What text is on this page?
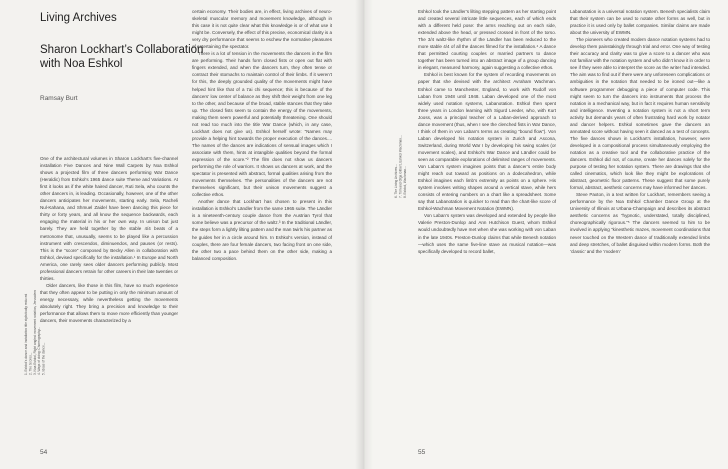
Living Archives
Sharon Lockhart’s Collaboration with Noa Eshkol
Ramsay Burt
1. Eshkol’s dance and installation title stylistically reduced
2. The Scores...
3. Noa Eshkol, Right angled: movement notation, Jerusalem
4. Ways of doing: Choreography...
5. Ideas of the dance...

One of the architectural volumes in Sharon Lockhart’s five-channel installation Five Dances and Nine Wall Carpets by Noa Eshkol shows a projected film of three dancers performing War Dance (Heraldic) from Eshkol’s 1965 dance suite Theme and Variations. At first it looks as if the white haired dancer, Ruti Sela, who counts the other dancers in, is leading. Occasionally, however, one of the other dancers anticipates her movements, starting early. Sela, Racheli Nul-Kahana, and Shmuel Zaidel have been dancing this piece for thirty or forty years, and all know the sequence backwards, each engaging the material in his or her own way. In unison but just barely. They are held together by the stable 4/4 beats of a metronome that, unusually, seems to be played like a percussion instrument with crescendos, diminuendos, and pauses (or rests). This is the “score” composed by Becky Allen in collaboration with Eshkol, devised specifically for the installation.¹ In Europe and North America, one rarely sees older dancers performing publicly. Most professional dancers retrain for other careers in their late twenties or thirties.

Older dancers, like those in this film, have so much experience that they often appear to be putting in only the minimum amount of energy necessary, while nevertheless getting the movements absolutely right. They bring a precision and knowledge to their performance that allows them to move more efficiently than younger dancers, their movements characterized by a

certain economy. Their bodies are, in effect, living archives of neuro-skeletal muscular memory and movement knowledge, although in this case it is not quite clear what this knowledge is or of what use it might be. Conversely, the effect of this precise, economical clarity is a very dry performance that seems to eschew the normative pleasures of entertaining the spectator.

There is a lot of tension in the movements the dancers in the film are performing. Their hands form closed fists or open out flat with fingers extended, and when the dancers turn, they often tense or contract their stomachs to maintain control of their limbs. If it weren’t for this, the deeply grounded quality of the movements might have helped hint like that of a t’ai chi sequence; this is because of the dancers’ low center of balance as they shift their weight from one leg to the other, and because of the broad, stable stances that they take up. The closed fists seem to contain the energy of the movements, making them seem powerful and potentially threatening. One should not read too much into the title War Dance (which, in any case, Lockhart does not give us). Eshkol herself wrote: “Names may provide a helping hint towards the proper execution of the dances.... The names of the dances are indications of sensual images which I associate with them, hints at intangible qualities beyond the formal expression of the score.”² The film does not show us dancers performing the role of warriors. It shows us dancers at work, and the spectator is presented with abstract, formal qualities arising from the movements themselves. The personalities of the dancers are not themselves significant, but their unison movements suggest a collective ethos.

Another dance that Lockhart has chosen to present in this installation is Eshkol’s Ländler from the same 1965 suite. The Ländler is a nineteenth-century couple dance from the Austrian Tyrol that some believe was a precursor of the waltz.³ In the traditional Ländler, the steps form a lightly lilting pattern and the man twirls his partner as he guides her in a circle around him. In Eshkol’s version, instead of couples, there are four female dancers, two facing front on one side, the other two a pace behind them on the other side, making a balanced composition.

54
6. The Living Archives...
7. Tom and Olga Gilbert, Eshkol Wachman...
8. Eshkol, Wachman...

Eshkol took the Ländler’s lilting stepping pattern as her starting point and created several intricate little sequences, each of which ends with a different held pose: the arms reaching out on each side, extended above the head, or pressed crossed in front of the torso. The 3/4 waltz-like rhythm of the Ländler has been reduced to the more stable 4/4 of all the dances filmed for the installation.⁴ A dance that permitted courting couples or married partners to dance together has been turned into an abstract image of a group dancing in elegant, measured harmony, again suggesting a collective ethos.

Eshkol is best known for the system of recording movements on paper that she devised with the architect Avraham Wachman. Eshkol came to Manchester, England, to work with Rudolf von Laban from 1948 until 1948. Laban developed one of the most widely used notation systems, Labanotation. Eshkol then spent three years in London learning with Sigurd Leeder, who, with Kurt Jooss, was a principal teacher of a Laban-derived approach to dance movement (thus, when I see the clenched fists in War Dance, I think of them in von Laban’s terms as creating “bound flow”). Von Laban developed his notation system in Zurich and Ascona, Switzerland, during World War I by developing his swing scales (or movement scales), and Eshkol’s War Dance and Ländler could be seen as comparable explorations of delimited ranges of movements. Von Laban’s system imagines points that a dancer’s entire body might reach out toward as positions on a dodecahedron, while Eshkol imagines each limb’s extremity as points on a sphere. His system involves writing shapes around a vertical stave, while hers consists of entering numbers on a chart like a spreadsheet. Some say that Labanotation is quicker to read than the chart-like score of Eshkol-Wachman Movement Notation (EWMN).

Von Laban’s system was developed and extended by people like Valerie Preston-Dunlop and Ann Hutchison Guest, whom Eshkol would undoubtedly have met when she was working with von Laban in the late 1940s. Preston-Dunlop claims that while Benesh notation—which uses the same five-line stave as musical notation—was specifically developed to record ballet,

Labanotation is a universal notation system. Benesh specialists claim that their system can be used to notate other forms as well, but in practice it is used only by ballet companies. Similar claims are made about the university of EWMN.

The pioneers who created modern dance notation systems had to develop them painstakingly through trial and error. One way of testing their accuracy and clarity was to give a score to a dancer who was not familiar with the notation system and who didn’t know it in order to see if they were able to interpret the score as the writer had intended. The aim was to find out if there were any unforeseen complications or ambiguities in the notation that needed to be ironed out—like a software programmer debugging a piece of computer code. This might seem to turn the dancers into instruments that process the notation in a mechanical way, but in fact it requires human sensitivity and intelligence. Inventing a notation system is not a short term activity but demands years of often frustrating hard work by notator and dancer helpers. Eshkol sometimes gave the dancers an annotated score without having seen it danced as a test of concepts. The five dances shown in Lockhart’s installation, however, were developed in a compositional process simultaneously employing the notation as a creative tool and the collaborative practice of the dancers. Eshkol did not, of course, create her dances solely for the purpose of testing her notation system. There are drawings that she called cinematics, which look like they might be explorations of abstract, geometric floor patterns. These suggest that some purely formal, abstract, aesthetic concerns may have informed her dances.

Steve Paxton, in a text written for Lockhart, remembers seeing a performance by the Noa Eshkol Chamber Dance Group at the University of Illinois at Urbana-Champaign and describes its abstract aesthetic concerns as “hypnotic, understated, totally disciplined, choreographically rigorous.”⁵ The dancers seemed to him to be involved in applying “kinesthetic mazes, movement coordinations that never touched on the Western dance of traditionally extended limbs and deep stretches, of ballet disguised within modern forms. Both the ‘classic’ and the ‘modern’

55
